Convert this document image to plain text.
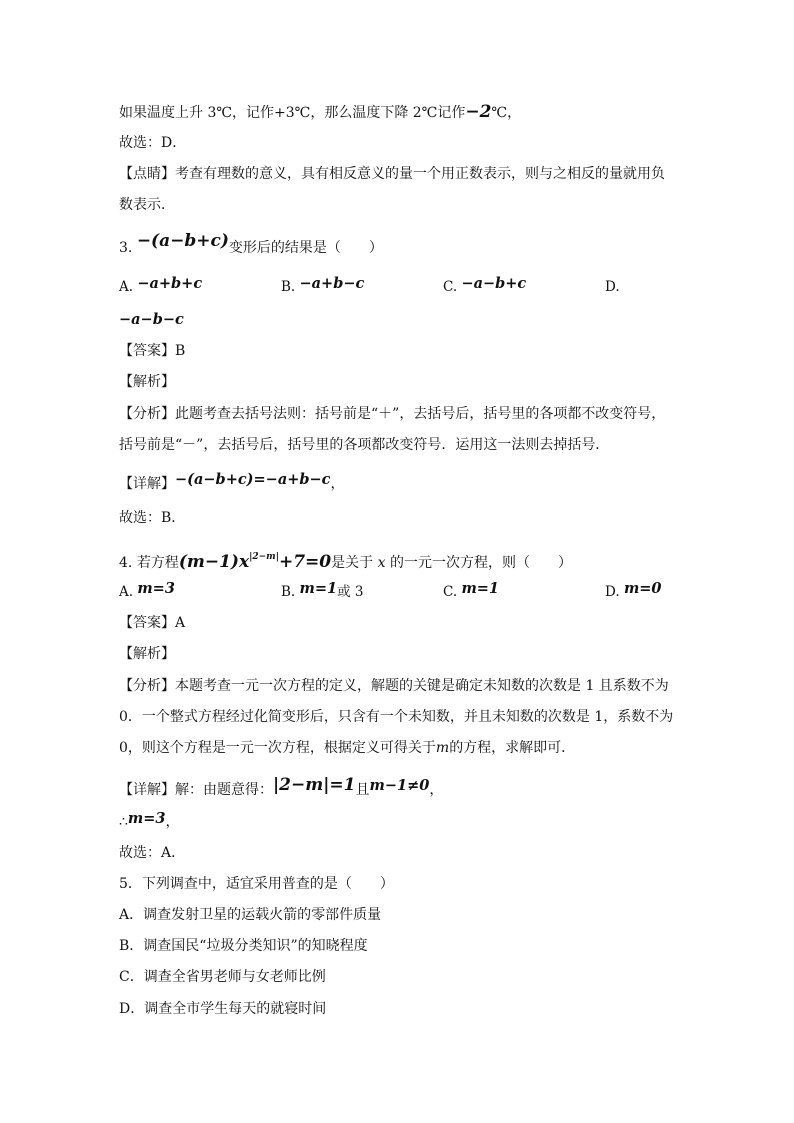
如果温度上升 3℃，记作+3℃，那么温度下降 2℃记作−2℃，
故选：D．
【点睛】考查有理数的意义，具有相反意义的量一个用正数表示，则与之相反的量就用负
数表示．
3. −(a−b+c)变形后的结果是（　　）
A. −a+b+c	B. −a+b−c	C. −a−b+c	D.
−a−b−c
【答案】B
【解析】
【分析】此题考查去括号法则：括号前是“＋”，去括号后，括号里的各项都不改变符号，
括号前是“－”，去括号后，括号里的各项都改变符号．运用这一法则去掉括号．
【详解】−(a−b+c)=−a+b−c，
故选：B．
4. 若方程$(m-1)x^{|2-m|}+7=0$是关于 x 的一元一次方程，则（　　）
A. m=3	B. m=1或 3	C. m=1	D. m=0
【答案】A
【解析】
【分析】本题考查一元一次方程的定义，解题的关键是确定未知数的次数是 1 且系数不为
0．一个整式方程经过化简变形后，只含有一个未知数，并且未知数的次数是 1，系数不为
0，则这个方程是一元一次方程，根据定义可得关于m的方程，求解即可．
【详解】解：由题意得：|2−m|=1且m−1≠0，
∴m=3，
故选：A．
5．下列调查中，适宜采用普查的是（　　）
A．调查发射卫星的运载火箭的零部件质量
B．调查国民“垃圾分类知识”的知晓程度
C．调查全省男老师与女老师比例
D．调查全市学生每天的就寝时间
